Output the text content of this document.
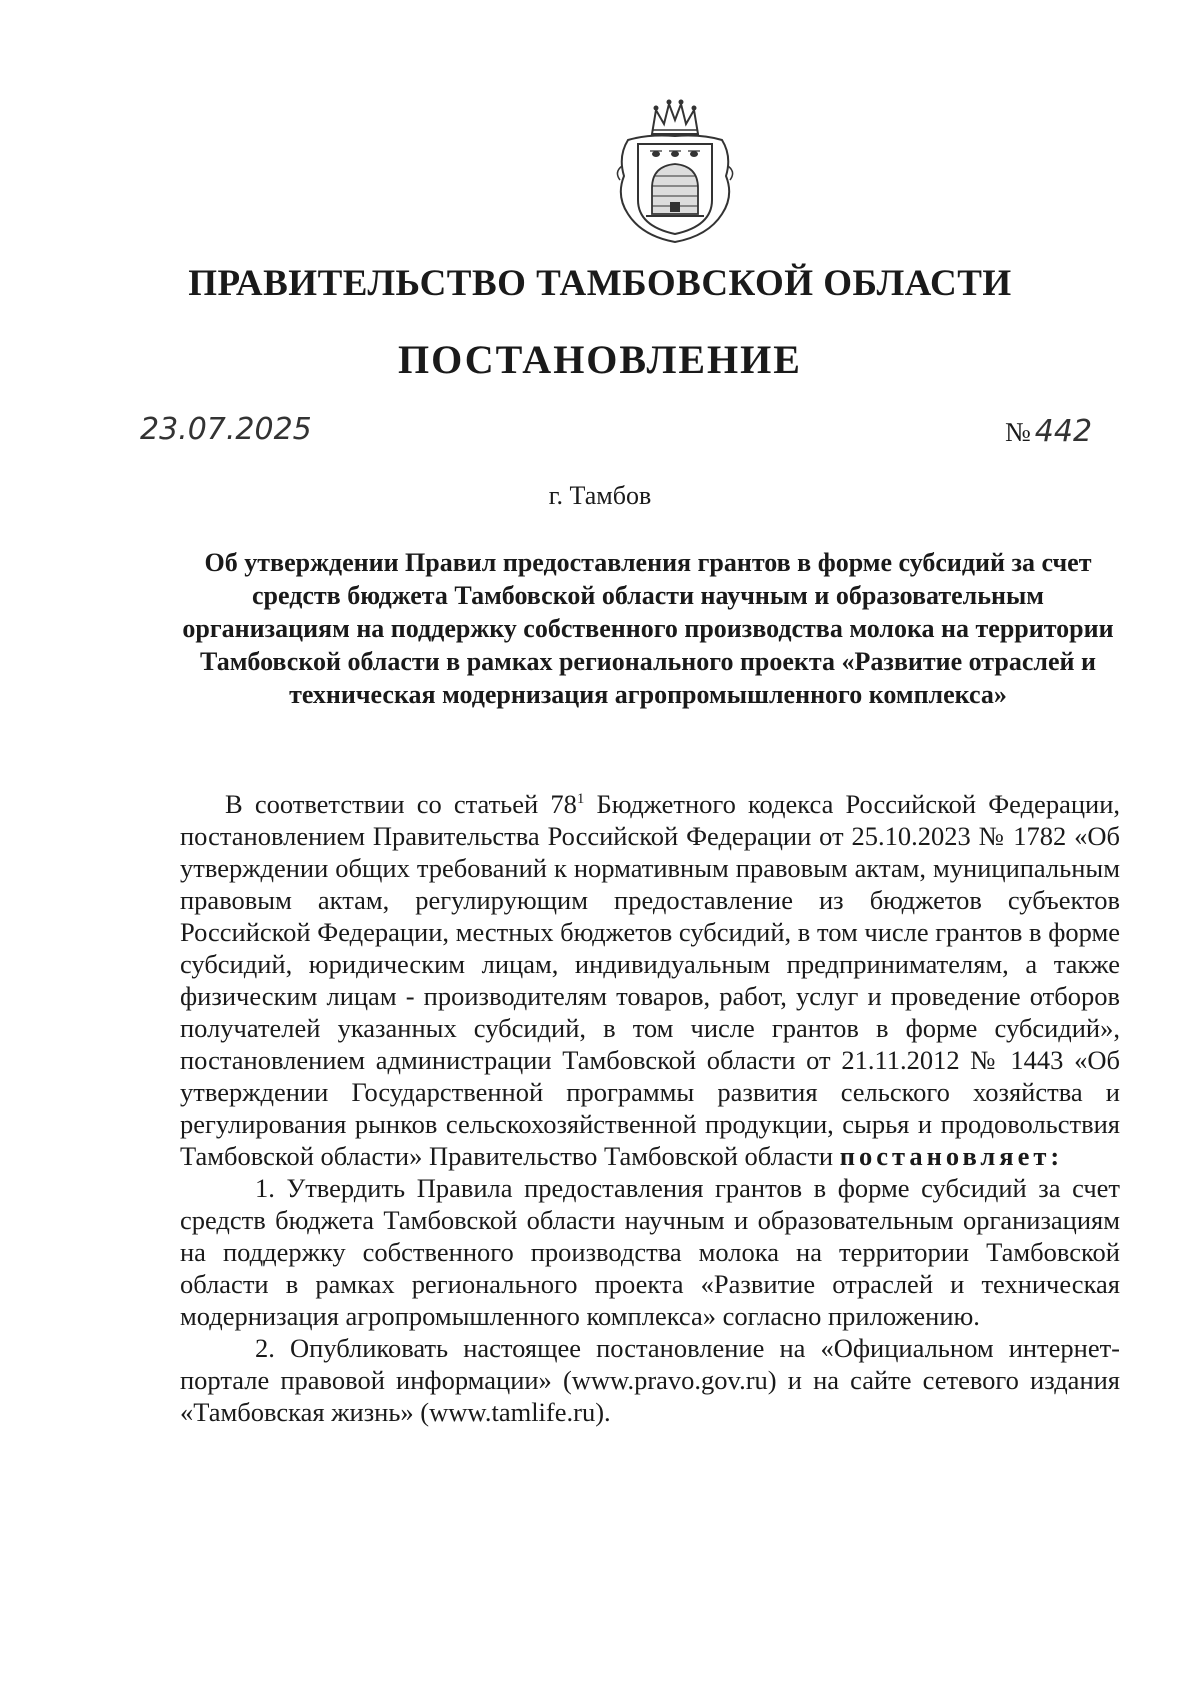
ПРАВИТЕЛЬСТВО ТАМБОВСКОЙ ОБЛАСТИ
ПОСТАНОВЛЕНИЕ
23.07.2025	№ 442
г. Тамбов
Об утверждении Правил предоставления грантов в форме субсидий за счет средств бюджета Тамбовской области научным и образовательным организациям на поддержку собственного производства молока на территории Тамбовской области в рамках регионального проекта «Развитие отраслей и техническая модернизация агропромышленного комплекса»

В соответствии со статьей $78^1$ Бюджетного кодекса Российской Федерации, постановлением Правительства Российской Федерации от 25.10.2023 № 1782 «Об утверждении общих требований к нормативным правовым актам, муниципальным правовым актам, регулирующим предоставление из бюджетов субъектов Российской Федерации, местных бюджетов субсидий, в том числе грантов в форме субсидий, юридическим лицам, индивидуальным предпринимателям, а также физическим лицам - производителям товаров, работ, услуг и проведение отборов получателей указанных субсидий, в том числе грантов в форме субсидий», постановлением администрации Тамбовской области от 21.11.2012 № 1443 «Об утверждении Государственной программы развития сельского хозяйства и регулирования рынков сельскохозяйственной продукции, сырья и продовольствия Тамбовской области» Правительство Тамбовской области постановляет:

1. Утвердить Правила предоставления грантов в форме субсидий за счет средств бюджета Тамбовской области научным и образовательным организациям на поддержку собственного производства молока на территории Тамбовской области в рамках регионального проекта «Развитие отраслей и техническая модернизация агропромышленного комплекса» согласно приложению.

2. Опубликовать настоящее постановление на «Официальном интернет-портале правовой информации» (www.pravo.gov.ru) и на сайте сетевого издания «Тамбовская жизнь» (www.tamlife.ru).
